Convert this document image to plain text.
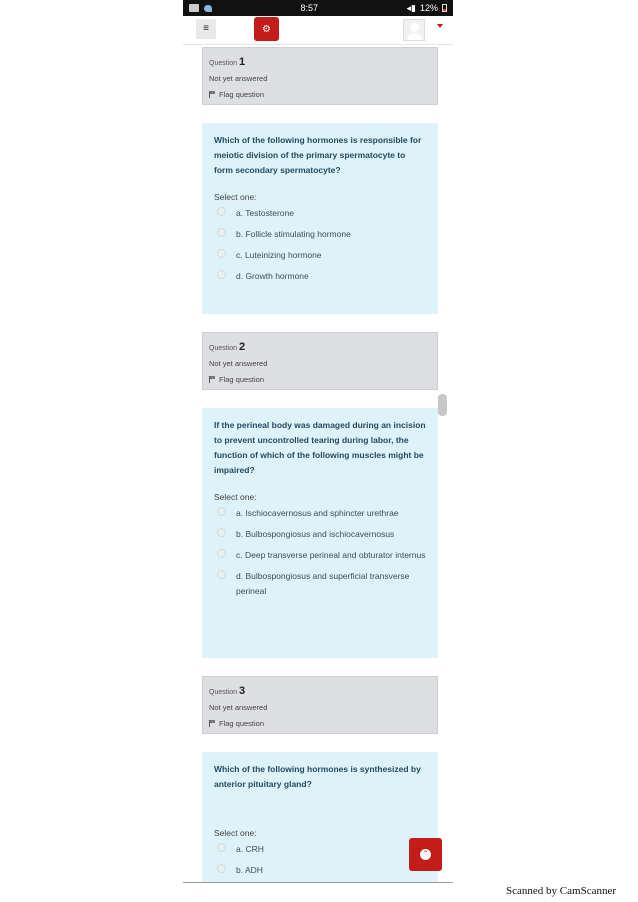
8:57	◂▮ 12%
≡	⚙
Question 1
Not yet answered
Flag question
Which of the following hormones is responsible for meiotic division of the primary spermatocyte to form secondary spermatocyte?
Select one:
a. Testosterone
b. Follicle stimulating hormone
c. Luteinizing hormone
d. Growth hormone
Question 2
Not yet answered
Flag question
If the perineal body was damaged during an incision to prevent uncontrolled tearing during labor, the function of which of the following muscles might be impaired?
Select one:
a. Ischiocavernosus and sphincter urethrae
b. Bulbospongiosus and ischiocavernosus
c. Deep transverse perineal and obturator internus
d. Bulbospongiosus and superficial transverse perineal
Question 3
Not yet answered
Flag question
Which of the following hormones is synthesized by anterior pituitary gland?
Select one:
a. CRH
b. ADH
ˆ
Scanned by CamScanner
